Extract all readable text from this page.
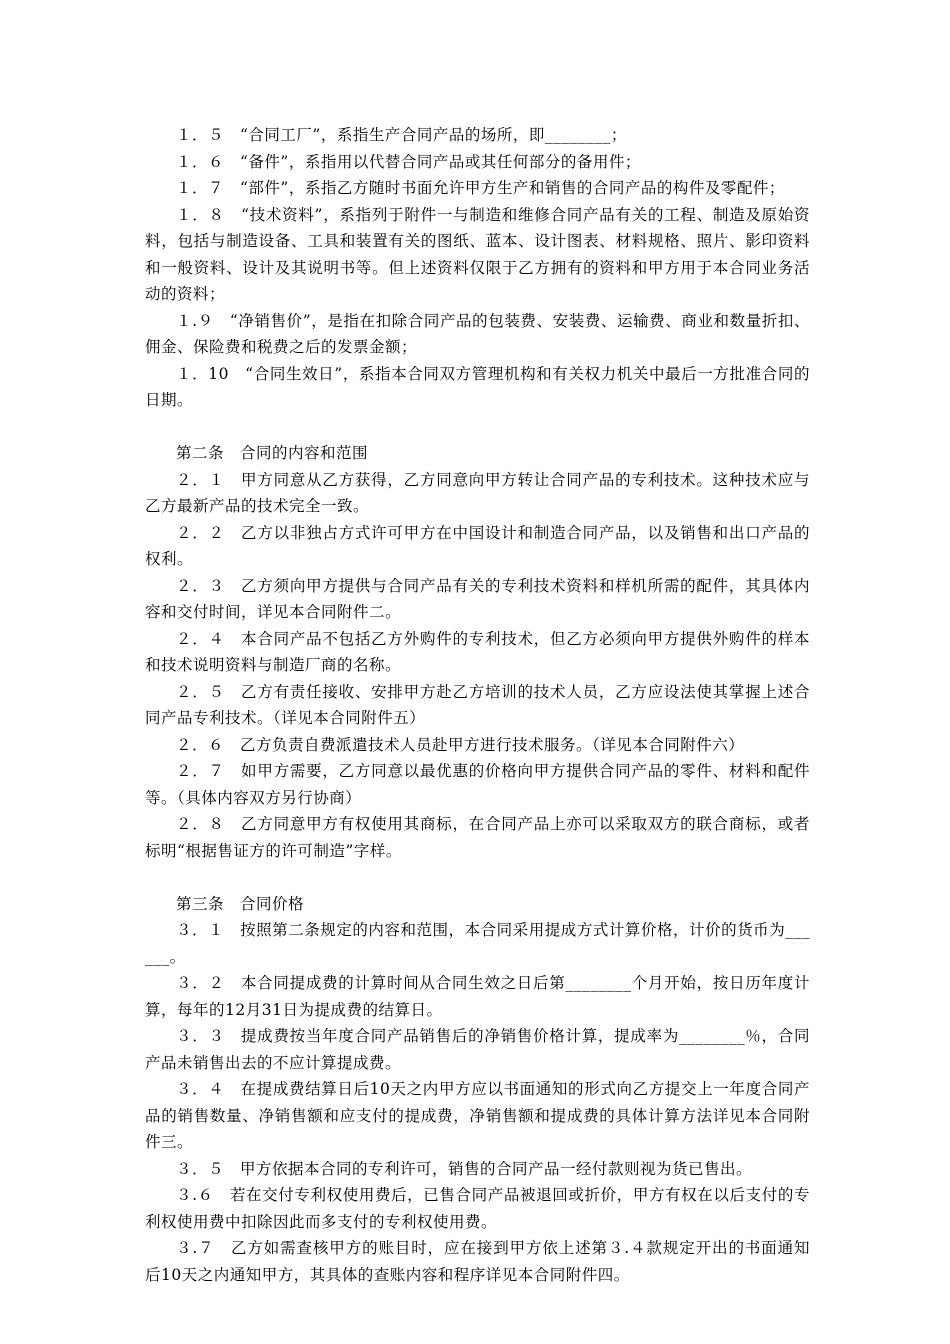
１．５　“合同工厂”，系指生产合同产品的场所，即________；

１．６　“备件”，系指用以代替合同产品或其任何部分的备用件；

１．７　“部件”，系指乙方随时书面允许甲方生产和销售的合同产品的构件及零配件；

１．８　“技术资料”，系指列于附件一与制造和维修合同产品有关的工程、制造及原始资料，包括与制造设备、工具和装置有关的图纸、蓝本、设计图表、材料规格、照片、影印资料和一般资料、设计及其说明书等。但上述资料仅限于乙方拥有的资料和甲方用于本合同业务活动的资料；

１.９　“净销售价”，是指在扣除合同产品的包装费、安装费、运输费、商业和数量折扣、佣金、保险费和税费之后的发票金额；

１．10　“合同生效日”，系指本合同双方管理机构和有关权力机关中最后一方批准合同的日期。

第二条　合同的内容和范围

２．１　甲方同意从乙方获得，乙方同意向甲方转让合同产品的专利技术。这种技术应与乙方最新产品的技术完全一致。

２．２　乙方以非独占方式许可甲方在中国设计和制造合同产品，以及销售和出口产品的权利。

２．３　乙方须向甲方提供与合同产品有关的专利技术资料和样机所需的配件，其具体内容和交付时间，详见本合同附件二。

２．４　本合同产品不包括乙方外购件的专利技术，但乙方必须向甲方提供外购件的样本和技术说明资料与制造厂商的名称。

２．５　乙方有责任接收、安排甲方赴乙方培训的技术人员，乙方应设法使其掌握上述合同产品专利技术。（详见本合同附件五）

２．６　乙方负责自费派遣技术人员赴甲方进行技术服务。（详见本合同附件六）

２．７　如甲方需要，乙方同意以最优惠的价格向甲方提供合同产品的零件、材料和配件等。（具体内容双方另行协商）

２．８　乙方同意甲方有权使用其商标，在合同产品上亦可以采取双方的联合商标，或者标明“根据售证方的许可制造”字样。

第三条　合同价格

３．１　按照第二条规定的内容和范围，本合同采用提成方式计算价格，计价的货币为______。

３．２　本合同提成费的计算时间从合同生效之日后第________个月开始，按日历年度计算，每年的12月31日为提成费的结算日。

３．３　提成费按当年度合同产品销售后的净销售价格计算，提成率为________％，合同产品未销售出去的不应计算提成费。

３．４　在提成费结算日后10天之内甲方应以书面通知的形式向乙方提交上一年度合同产品的销售数量、净销售额和应支付的提成费，净销售额和提成费的具体计算方法详见本合同附件三。

３．５　甲方依据本合同的专利许可，销售的合同产品一经付款则视为货已售出。

３.６　若在交付专利权使用费后，已售合同产品被退回或折价，甲方有权在以后支付的专利权使用费中扣除因此而多支付的专利权使用费。

３.７　乙方如需查核甲方的账目时，应在接到甲方依上述第３.４款规定开出的书面通知后10天之内通知甲方，其具体的查账内容和程序详见本合同附件四。
